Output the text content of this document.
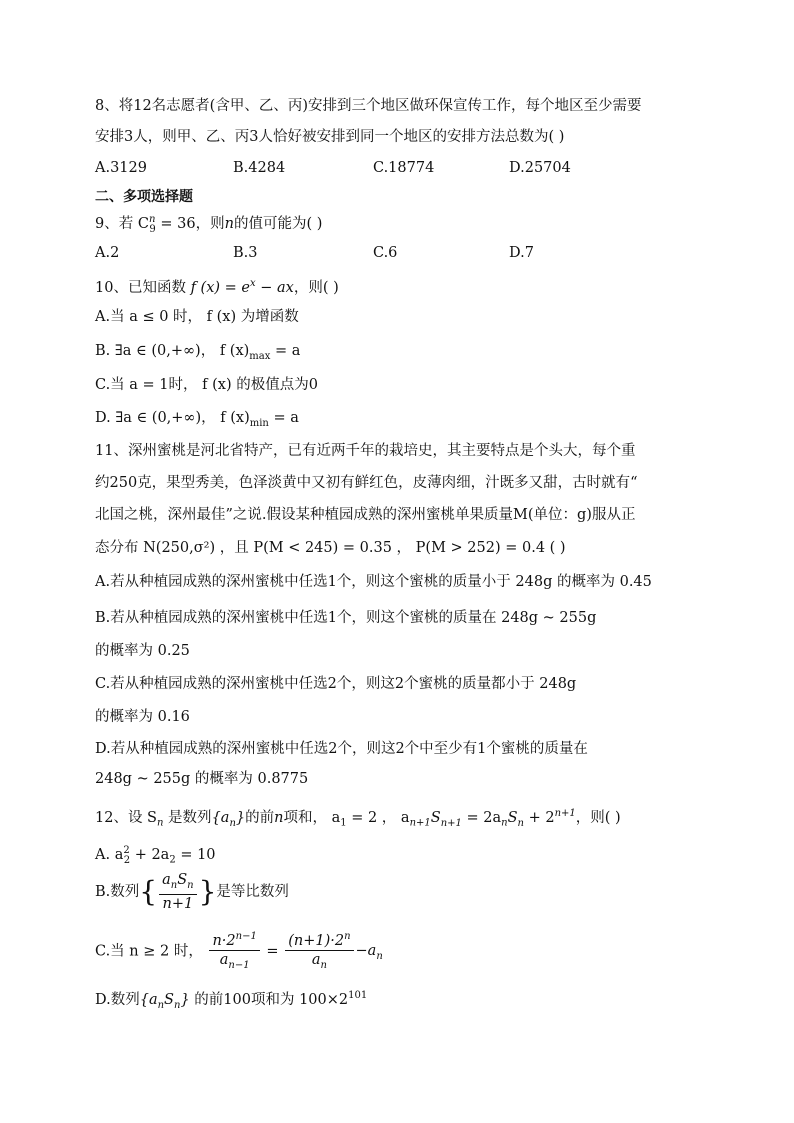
8、将12名志愿者(含甲、乙、丙)安排到三个地区做环保宣传工作，每个地区至少需要
安排3人，则甲、乙、丙3人恰好被安排到同一个地区的安排方法总数为( )
A.3129	B.4284	C.18774	D.25704
二、多项选择题
9、若 $C^n_9 = 36$，则n的值可能为( )
A.2	B.3	C.6	D.7
10、已知函数 f $(x) = e^x$ − ax，则( )
A.当 a ≤ 0 时， f (x) 为增函数
B. ∃a ∈ (0,+∞)， f $(x)_{max} = a$
C.当 a = 1时， f (x) 的极值点为0
D. ∃a ∈ (0,+∞)， f $(x)_{min} = a$
11、深州蜜桃是河北省特产，已有近两千年的栽培史，其主要特点是个头大，每个重
约250克，果型秀美，色泽淡黄中又初有鲜红色，皮薄肉细，汁既多又甜，古时就有“
北国之桃，深州最佳”之说.假设某种植园成熟的深州蜜桃单果质量M(单位：g)服从正
态分布 N(250,σ²) ，且 P(M < 245) = 0.35 ， P(M > 252) = 0.4 ( )
A.若从种植园成熟的深州蜜桃中任选1个，则这个蜜桃的质量小于 248g 的概率为 0.45
B.若从种植园成熟的深州蜜桃中任选1个，则这个蜜桃的质量在 248g ~ 255g
的概率为 0.25
C.若从种植园成熟的深州蜜桃中任选2个，则这2个蜜桃的质量都小于 248g
的概率为 0.16
D.若从种植园成熟的深州蜜桃中任选2个，则这2个中至少有1个蜜桃的质量在
248g ~ 255g 的概率为 0.8775
12、设 $S_n$ 是数列$\{a_n\}$的前n项和， $a_1 = 2$ ， $a_{n+1}S_{n+1} = 2a_nS_n + 2^{n+1}$，则( )
A. $a^2_2 + 2a_2 = 10$
B.数列{ $\frac{a_nS_n}{n+1}$ }是等比数列
C.当 n ≥ 2 时， $\frac{n\cdot 2^{n-1}}{a_{n-1}} = \frac{(n+1)\cdot 2^n}{a_n} -a_n$
D.数列$\{a_nS_n\}$ 的前100项和为 $100\times 2^{101}$
